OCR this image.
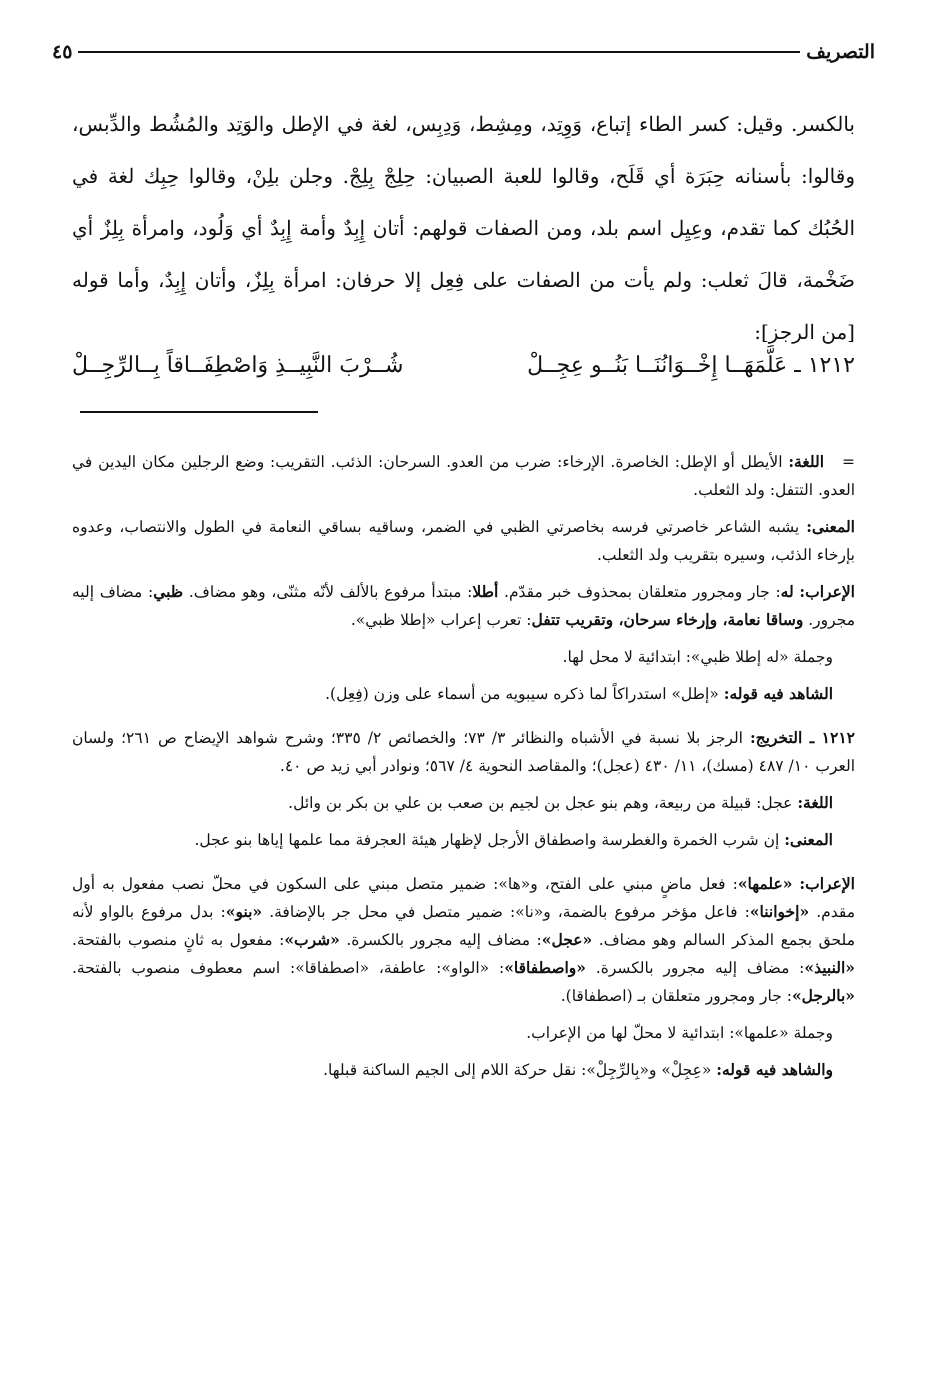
التصريف
٤٥

بالكسر. وقيل: كسر الطاء إتباع، وَوِتِد، ومِشِط، وَدِبِس، لغة في الإطل والوَتِد والمُشُط والدِّبس، وقالوا: بأسنانه حِبَرَة أي قَلَح، وقالوا للعبة الصبيان: حِلِجْ بِلِجْ. وجلن بلِنْ، وقالوا حِبِك لغة في الحُبُك كما تقدم، وعِيِل اسم بلد، ومن الصفات قولهم: أتان إِبِدٌ وأمة إِبِدٌ أي وَلُود، وامرأة بِلِزٌ أي ضَخْمة، قالَ ثعلب: ولم يأت من الصفات على فِعِل إلا حرفان: امرأة بِلِزٌ، وأتان إِبِدٌ، وأما قوله [من الرجز]:

١٢١٢ ـ عَلَّمَهَــا إِخْــوَانُنَــا بَنُــو عِجِــلْ
شُــرْبَ النَّبِيــذِ وَاصْطِفَــاقاً بِــالرِّجِــلْ

=اللغة: الأيطل أو الإطل: الخاصرة. الإرخاء: ضرب من العدو. السرحان: الذئب. التقريب: وضع الرجلين مكان اليدين في العدو. التتفل: ولد الثعلب.

المعنى: يشبه الشاعر خاصرتي فرسه بخاصرتي الظبي في الضمر، وساقيه بساقي النعامة في الطول والانتصاب، وعدوه بإرخاء الذئب، وسيره بتقريب ولد الثعلب.

الإعراب: له: جار ومجرور متعلقان بمحذوف خبر مقدّم. أطلا: مبتدأ مرفوع بالألف لأنّه مثنّى، وهو مضاف. ظبي: مضاف إليه مجرور. وساقا نعامة، وإرخاء سرحان، وتقريب تتفل: تعرب إعراب «إطلا ظبي».

وجملة «له إطلا ظبي»: ابتدائية لا محل لها.

الشاهد فيه قوله: «إطل» استدراكاً لما ذكره سيبويه من أسماء على وزن (فِعِل).

١٢١٢ ـ التخريج: الرجز بلا نسبة في الأشباه والنظائر ٣/ ٧٣؛ والخصائص ٢/ ٣٣٥؛ وشرح شواهد الإيضاح ص ٢٦١؛ ولسان العرب ١٠/ ٤٨٧ (مسك)، ١١/ ٤٣٠ (عجل)؛ والمقاصد النحوية ٤/ ٥٦٧؛ ونوادر أبي زيد ص ٤٠.

اللغة: عجل: قبيلة من ربيعة، وهم بنو عجل بن لجيم بن صعب بن علي بن بكر بن وائل.

المعنى: إن شرب الخمرة والغطرسة واصطفاق الأرجل لإظهار هيئة العجرفة مما علمها إياها بنو عجل.

الإعراب: «علمها»: فعل ماضٍ مبني على الفتح، و«ها»: ضمير متصل مبني على السكون في محلّ نصب مفعول به أول مقدم. «إخواننا»: فاعل مؤخر مرفوع بالضمة، و«نا»: ضمير متصل في محل جر بالإضافة. «بنو»: بدل مرفوع بالواو لأنه ملحق بجمع المذكر السالم وهو مضاف. «عجل»: مضاف إليه مجرور بالكسرة. «شرب»: مفعول به ثانٍ منصوب بالفتحة. «النبيذ»: مضاف إليه مجرور بالكسرة. «واصطفاقا»: «الواو»: عاطفة، «اصطفاقا»: اسم معطوف منصوب بالفتحة. «بالرجل»: جار ومجرور متعلقان بـ (اصطفاقا).

وجملة «علمها»: ابتدائية لا محلّ لها من الإعراب.

والشاهد فيه قوله: «عِجِلْ» و«بِالرِّجِلْ»: نقل حركة اللام إلى الجيم الساكنة قبلها.
